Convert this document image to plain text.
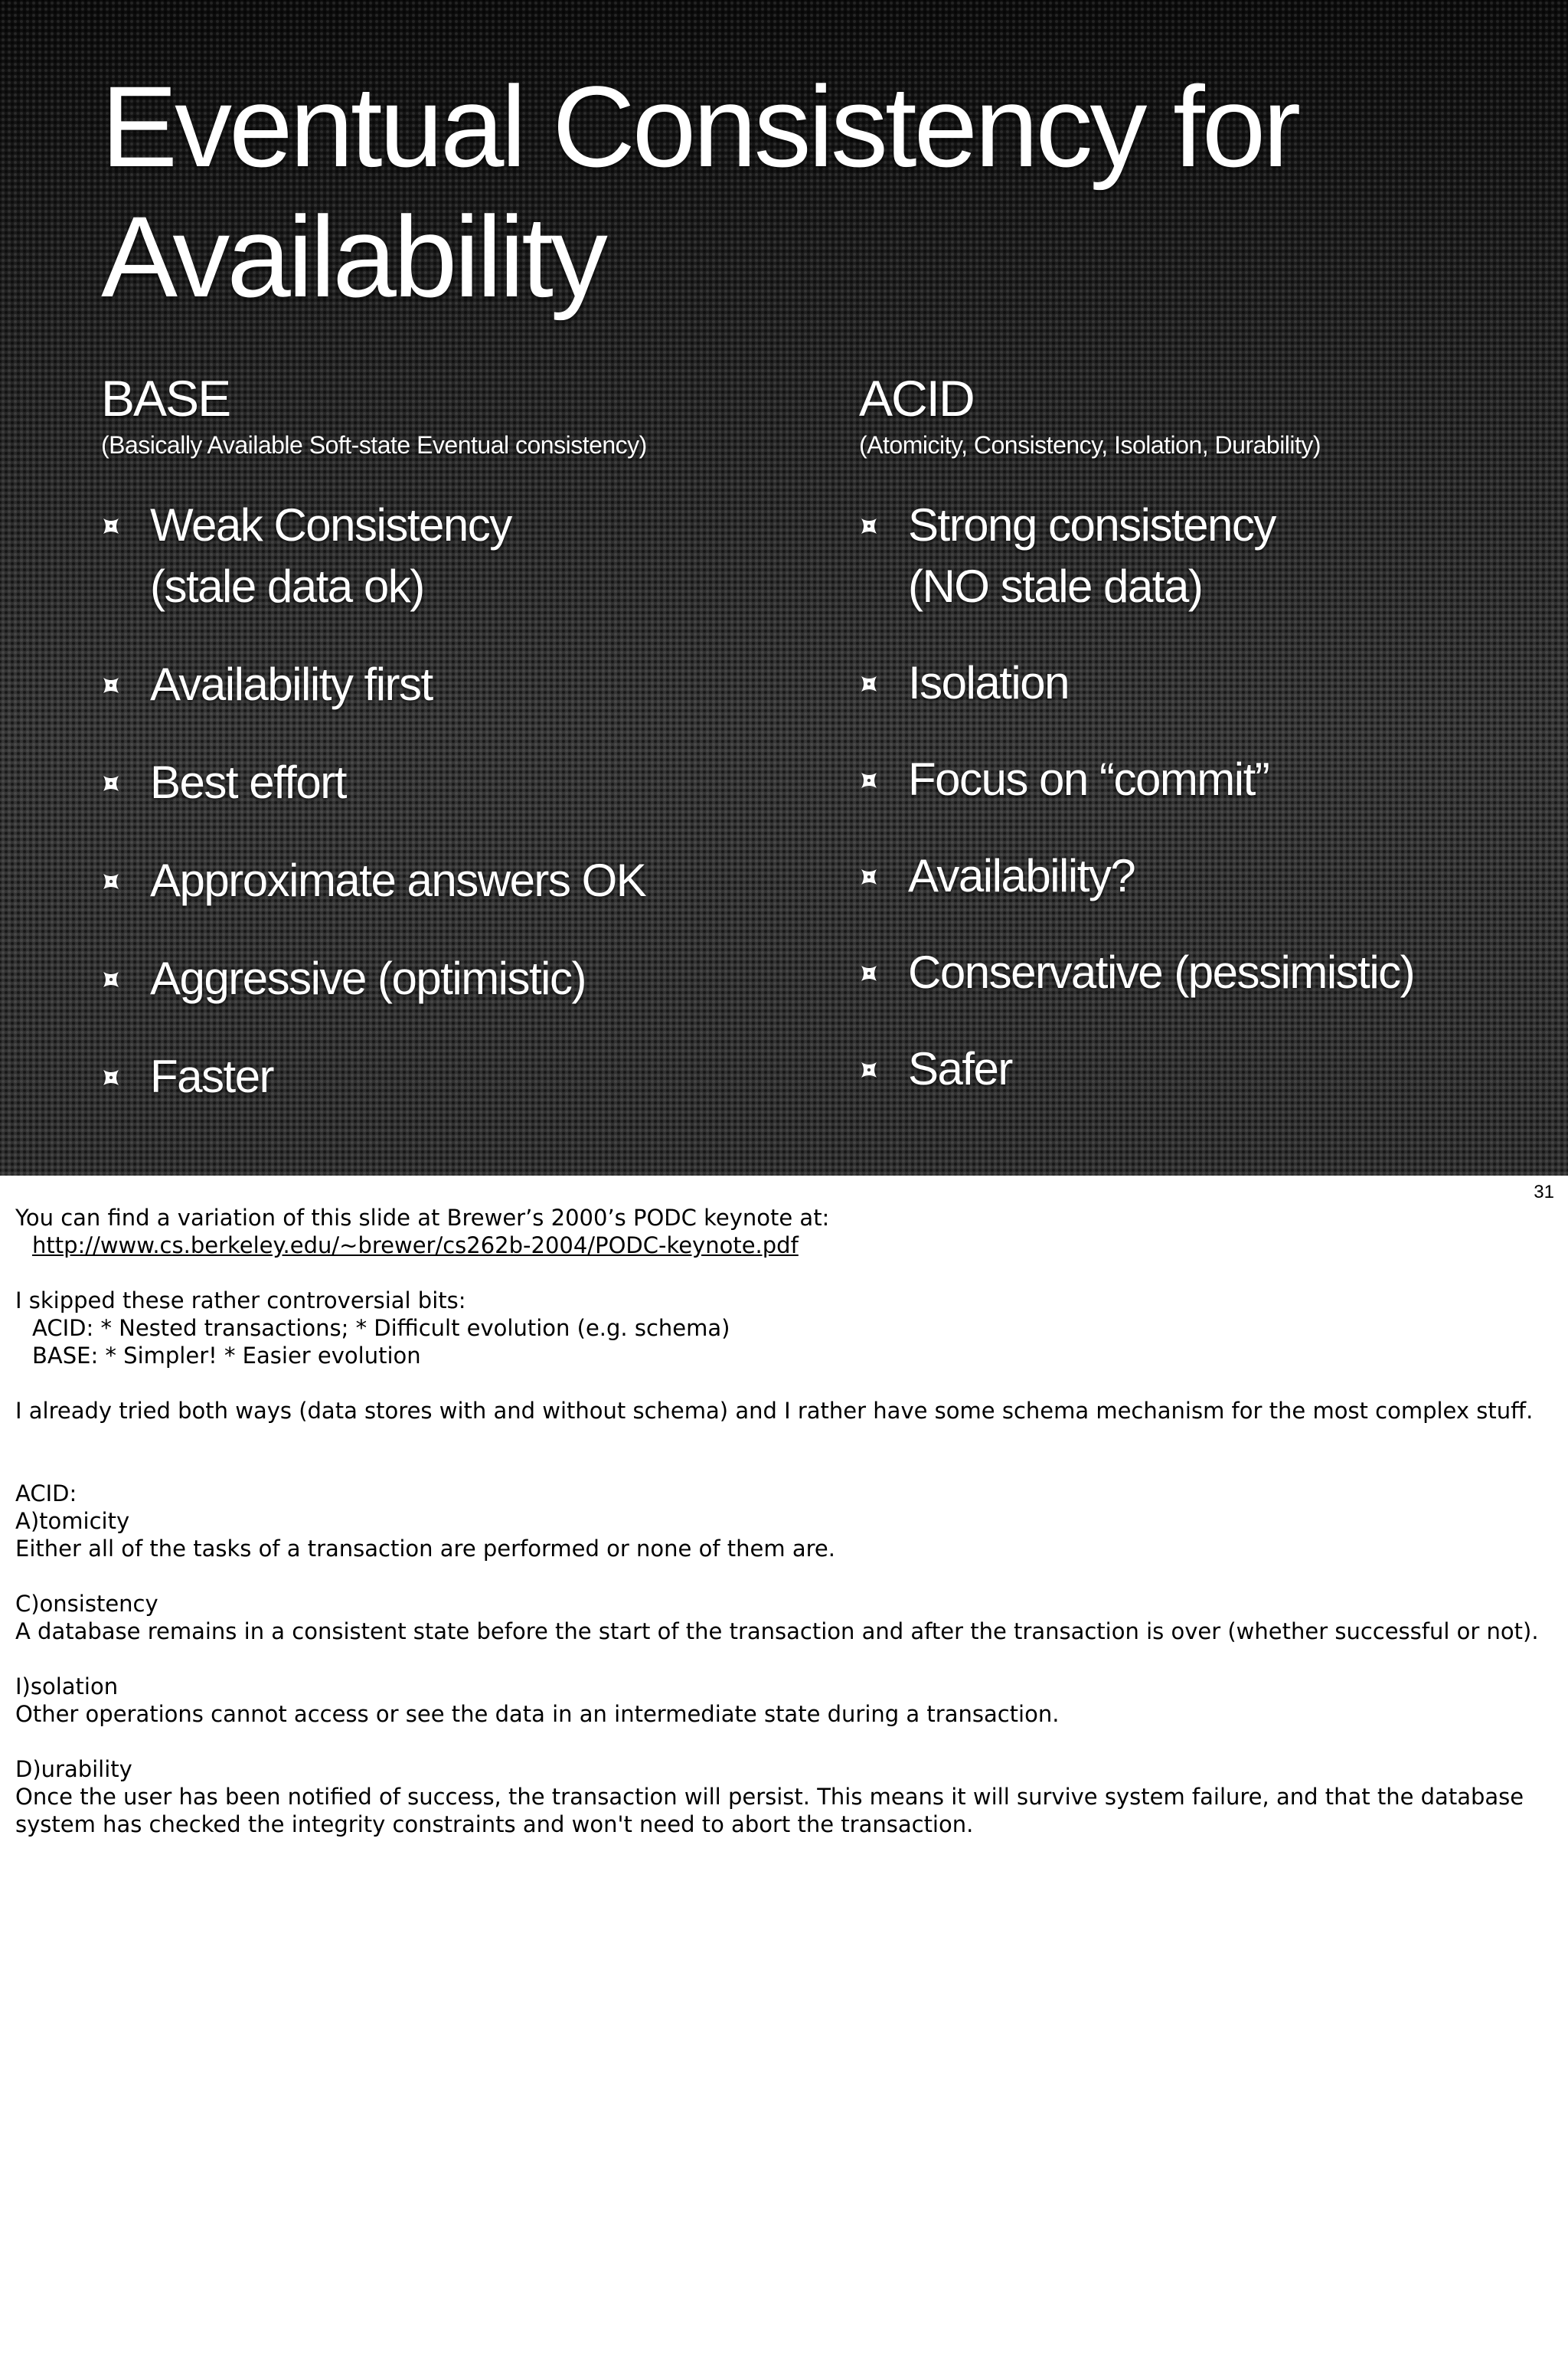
Eventual Consistency for
Availability
BASE
(Basically Available Soft-state Eventual consistency)
Weak Consistency
(stale data ok)
Availability first
Best effort
Approximate answers OK
Aggressive (optimistic)
Faster
ACID
(Atomicity, Consistency, Isolation, Durability)
Strong consistency
(NO stale data)
Isolation
Focus on “commit”
Availability?
Conservative (pessimistic)
Safer
31

You can find a variation of this slide at Brewer’s 2000’s PODC keynote at:

http://www.cs.berkeley.edu/~brewer/cs262b-2004/PODC-keynote.pdf

I skipped these rather controversial bits:

ACID: * Nested transactions; * Difficult evolution (e.g. schema)

BASE: * Simpler! * Easier evolution

I already tried both ways (data stores with and without schema) and I rather have some schema mechanism for the most complex stuff.

ACID:

A)tomicity

Either all of the tasks of a transaction are performed or none of them are.

C)onsistency

A database remains in a consistent state before the start of the transaction and after the transaction is over (whether successful or not).

I)solation

Other operations cannot access or see the data in an intermediate state during a transaction.

D)urability

Once the user has been notified of success, the transaction will persist. This means it will survive system failure, and that the database system has checked the integrity constraints and won't need to abort the transaction.
